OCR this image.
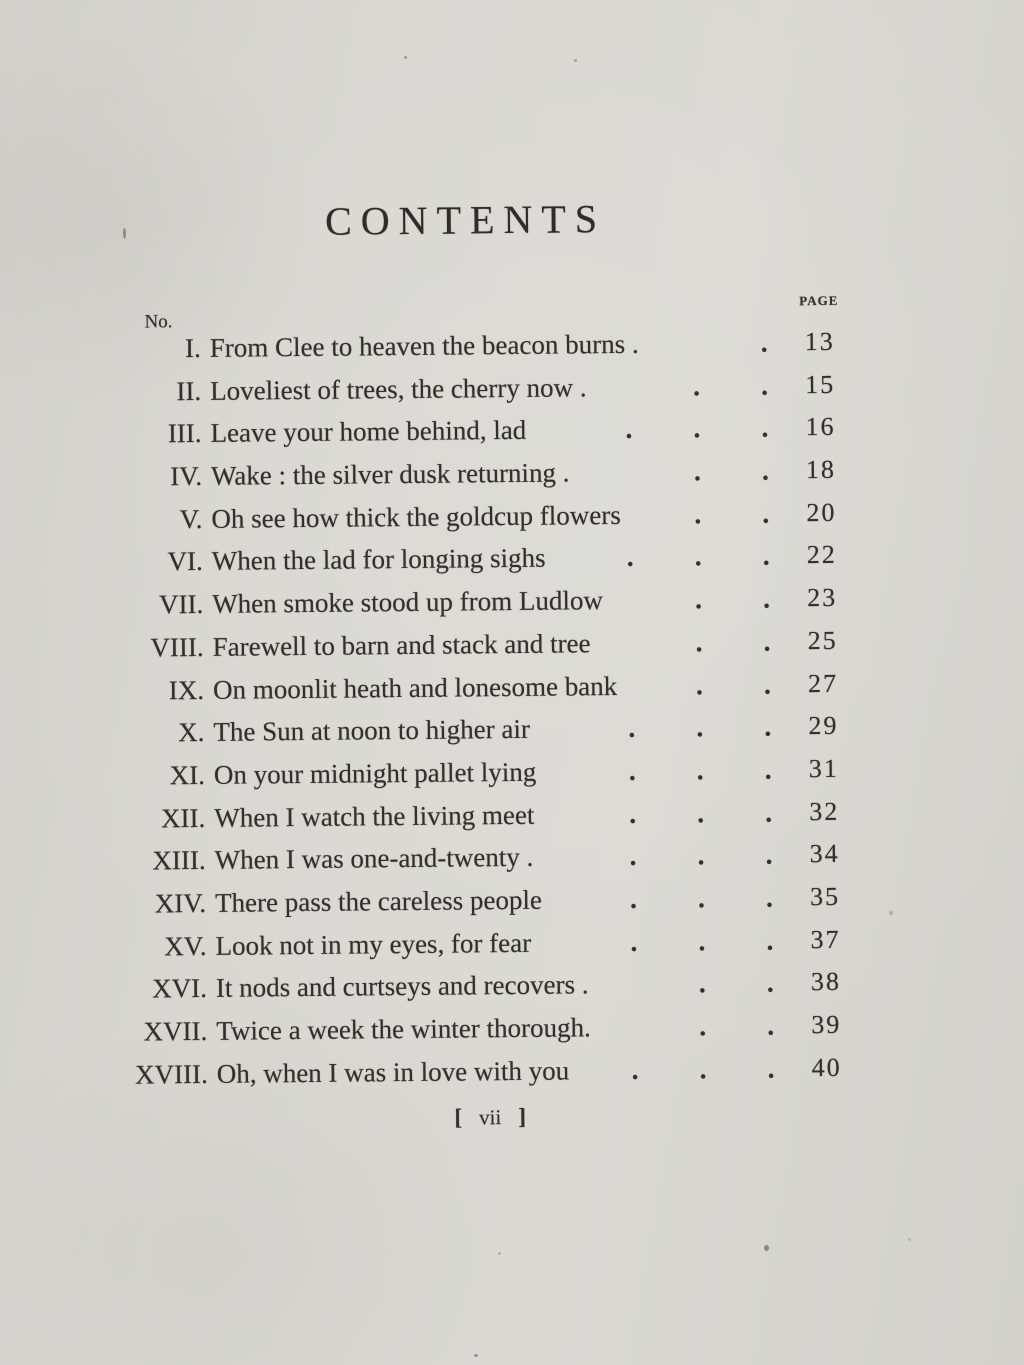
CONTENTS
No.
PAGE
I. From Clee to heaven the beacon burns .	.	13
II. Loveliest of trees, the cherry now .	. .	15
III. Leave your home behind, lad	. . .	16
IV. Wake : the silver dusk returning .	. .	18
V. Oh see how thick the goldcup flowers	. .	20
VI. When the lad for longing sighs	. . .	22
VII. When smoke stood up from Ludlow	. .	23
VIII. Farewell to barn and stack and tree	. .	25
IX. On moonlit heath and lonesome bank	. .	27
X. The Sun at noon to higher air	. . .	29
XI. On your midnight pallet lying	. . .	31
XII. When I watch the living meet	. . .	32
XIII. When I was one-and-twenty .	. . .	34
XIV. There pass the careless people	. . .	35
XV. Look not in my eyes, for fear	. . .	37
XVI. It nods and curtseys and recovers .	. .	38
XVII. Twice a week the winter thorough.	. .	39
XVIII. Oh, when I was in love with you . . .	40
[ vii ]
